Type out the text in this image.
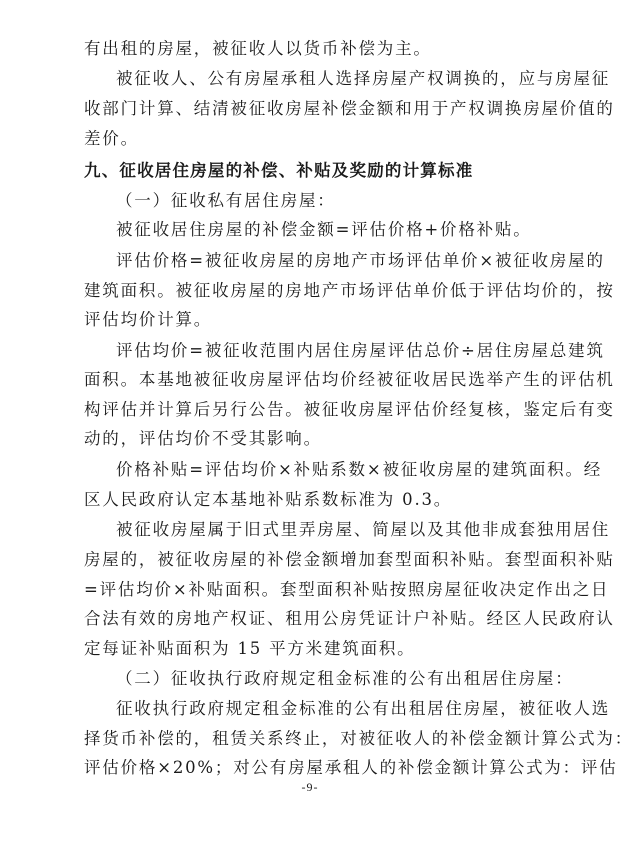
有出租的房屋，被征收人以货币补偿为主。
被征收人、公有房屋承租人选择房屋产权调换的，应与房屋征
收部门计算、结清被征收房屋补偿金额和用于产权调换房屋价值的
差价。
九、征收居住房屋的补偿、补贴及奖励的计算标准
（一）征收私有居住房屋：
被征收居住房屋的补偿金额=评估价格+价格补贴。
评估价格=被征收房屋的房地产市场评估单价×被征收房屋的
建筑面积。被征收房屋的房地产市场评估单价低于评估均价的，按
评估均价计算。
评估均价=被征收范围内居住房屋评估总价÷居住房屋总建筑
面积。本基地被征收房屋评估均价经被征收居民选举产生的评估机
构评估并计算后另行公告。被征收房屋评估价经复核，鉴定后有变
动的，评估均价不受其影响。
价格补贴=评估均价×补贴系数×被征收房屋的建筑面积。经
区人民政府认定本基地补贴系数标准为 0.3。
被征收房屋属于旧式里弄房屋、简屋以及其他非成套独用居住
房屋的，被征收房屋的补偿金额增加套型面积补贴。套型面积补贴
=评估均价×补贴面积。套型面积补贴按照房屋征收决定作出之日
合法有效的房地产权证、租用公房凭证计户补贴。经区人民政府认
定每证补贴面积为 15 平方米建筑面积。
（二）征收执行政府规定租金标准的公有出租居住房屋：
征收执行政府规定租金标准的公有出租居住房屋，被征收人选
择货币补偿的，租赁关系终止，对被征收人的补偿金额计算公式为：
评估价格×20%；对公有房屋承租人的补偿金额计算公式为：评估
-9-
